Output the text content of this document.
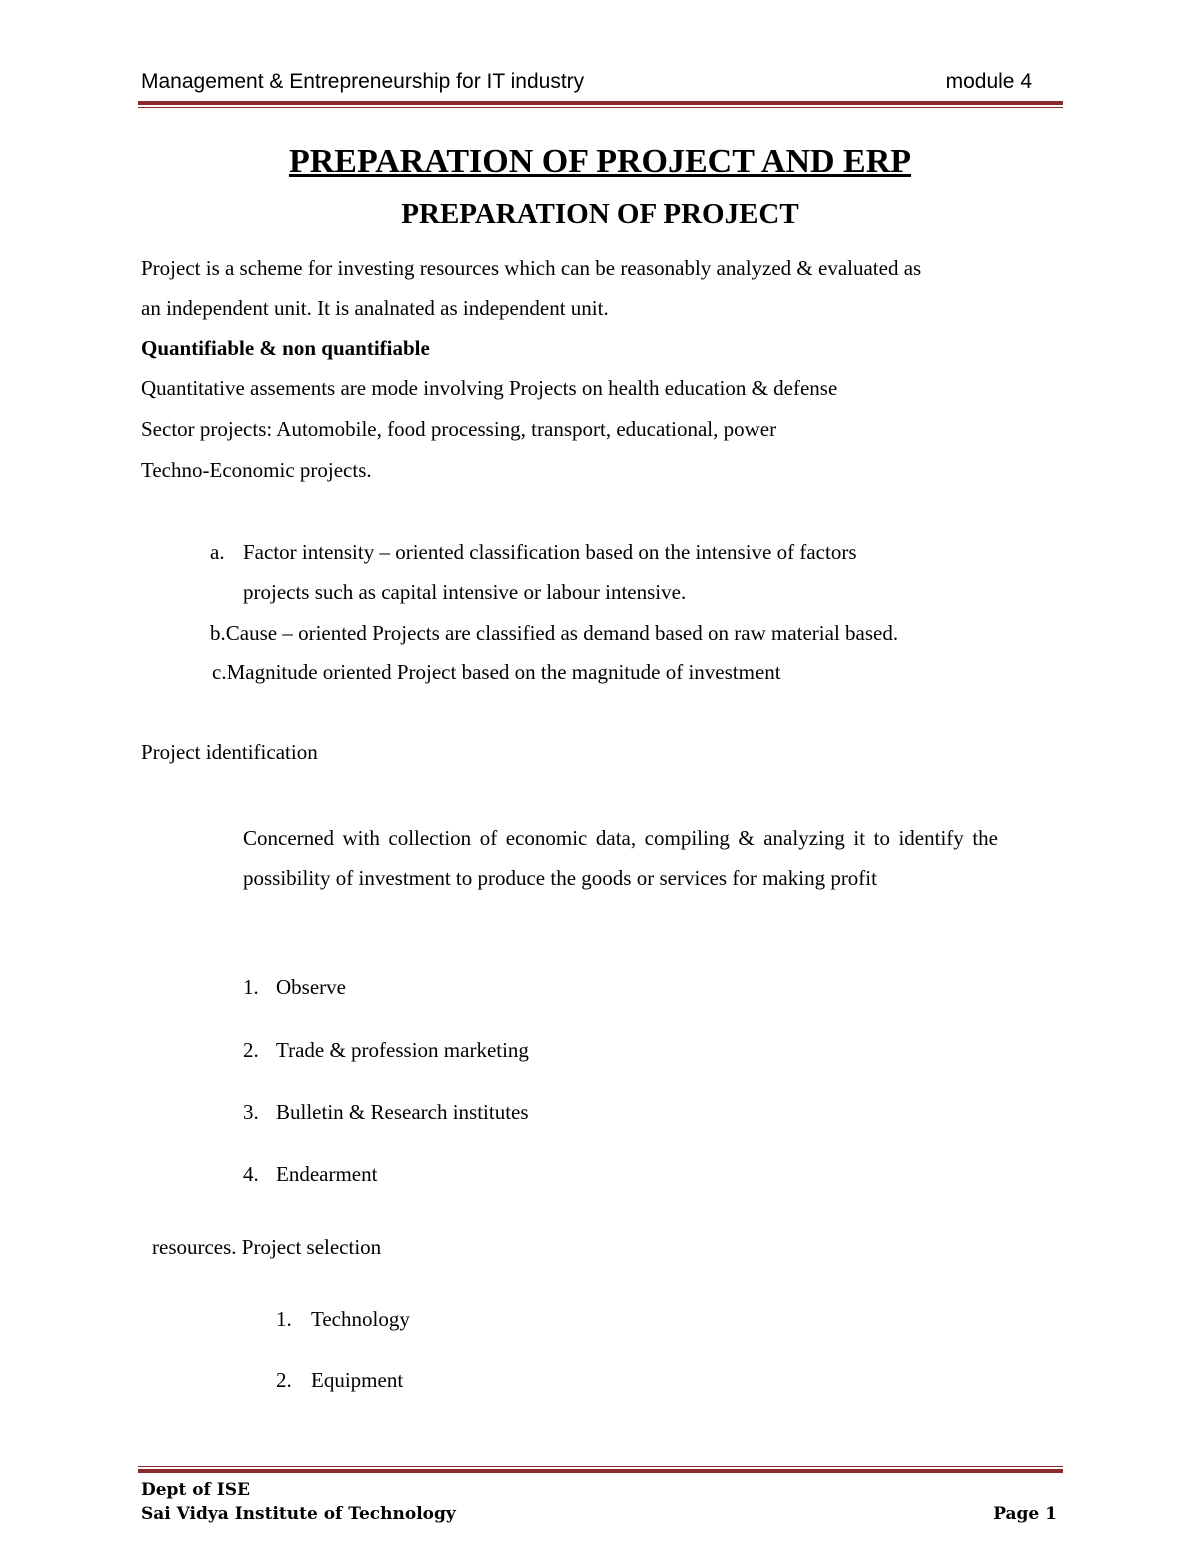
Management & Entrepreneurship for IT industry	module 4
PREPARATION OF PROJECT AND ERP
PREPARATION OF PROJECT
Project is a scheme for investing resources which can be reasonably analyzed & evaluated as
an independent unit. It is analnated as independent unit.
Quantifiable & non quantifiable
Quantitative assements are mode involving Projects on health education & defense
Sector projects: Automobile, food processing, transport, educational, power
Techno-Economic projects.
a. Factor intensity – oriented classification based on the intensive of factors
projects such as capital intensive or labour intensive.
b.Cause – oriented Projects are classified as demand based on raw material based.
c.Magnitude oriented Project based on the magnitude of investment
Project identification
Concerned with collection of economic data, compiling & analyzing it to identify the possibility of investment to produce the goods or services for making profit
1. Observe
2. Trade & profession marketing
3. Bulletin & Research institutes
4. Endearment
resources. Project selection
1. Technology
2. Equipment
Dept of ISE
Sai Vidya Institute of Technology	Page 1
